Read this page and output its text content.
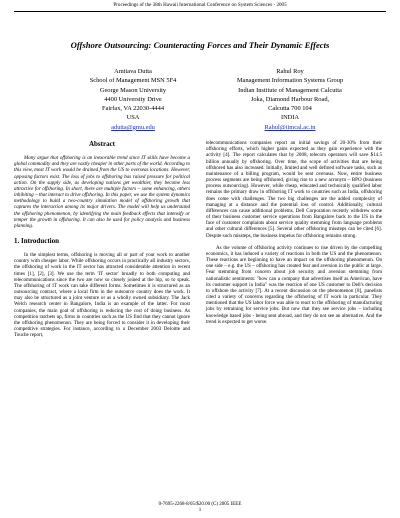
Proceedings of the 38th Hawaii International Conference on System Sciences - 2005
Offshore Outsourcing: Counteracting Forces and Their Dynamic Effects
Amitava Dutta
School of Management MSN 5F4
George Mason University
4400 University Drive
Fairfax, VA 22030-4444
USA
adutta@gmu.edu
Rahul Roy
Management Information Systems Group
Indian Institute of Management Calcutta
Joka, Diamond Harbour Road,
Calcutta 700 104
INDIA
Rahul@iimcal.ac.in
Abstract

Many argue that offshoring is an inexorable trend since IT skills have become a global commodity and they are vastly cheaper in other parts of the world. According to this view, most IT work would be drained from the US to overseas locations. However, opposing factors exist. The loss of jobs to offshoring has raised pressure for political action. On the supply side, as developing nations get wealthier, they become less attractive for offshoring. In short, there are multiple factors – some enhancing, others inhibiting – that interact to drive offshoring. In this paper, we use the system dynamics methodology to build a two-country simulation model of offshoring growth that captures the interaction among its major drivers. The model will help us understand the offshoring phenomenon, by identifying the main feedback effects that intensify or temper the growth in offshoring. It can also be used for policy analysis and business planning.

1. Introduction

In the simplest terms, offshoring is moving all or part of your work to another country with cheaper labor. While offshoring occurs in practically all industry sectors, the offshoring of work in the IT sector has attracted considerable attention in recent times [1], [2], [3]. We use the term 'IT sector' broadly to both computing and telecommunications since the two are now so closely joined at the hip, so to speak. The offshoring of IT work can take different forms. Sometimes it is structured as an outsourcing contract, where a local firm in the outsource country does the work. It may also be structured as a joint venture or as a wholly owned subsidiary. The Jack Welch research center in Bangalore, India is an example of the latter. For most companies, the main goal of offshoring is reducing the cost of doing business. As competition ratchets up, firms in countries such as the US find that they cannot ignore the offshoring phenomenon. They are being forced to consider it in developing their competitive strategies. For instance, according to a December 2003 Deloitte and Touche report,

telecommunications companies report an initial savings of 20-30% from their offshoring efforts, which higher gains expected as they gain experience with the activity [4]. The report calculates that by 2008, telecom operators will save $14.5 billion annually by offshoring. Over time, the scope of activities that are being offshored has also increased. Initially, limited and well defined software tasks, such as maintenance of a billing program, would be sent overseas. Now, entire business process segments are being offshored, giving rise to a new acronym – BPO (business process outsourcing). However, while cheap, educated and technically qualified labor remains the primary draw in offshoring IT work to countries such as India, offshoring does come with challenges. The two big challenges are the added complexity of managing at a distance and the potential loss of control. Additionally, cultural differences can cause additional problems. Dell Corporation recently withdrew some of their business customer service operations from Bangalore back to the US in the face of customer complaints about service quality stemming from language problems and other cultural differences [5]. Several other offshoring missteps can be cited [6]. Despite such missteps, the business impetus for offshoring remains strong.

As the volume of offshoring activity continues to rise driven by the compelling economics, it has induced a variety of reactions in both the US and the phenomenon. These reactions are beginning to have an impact on the offshoring phenomenon. On one side – e.g. the US – offshoring has created fear and aversion in the public at large. Fear stemming from concern about job security and aversion stemming from nationalistic sentiments: "how can a company that advertises itself as American, have its customer support in India" was the reaction of one US customer to Dell's decision to offshore the activity [7]. At a recent discussion on the phenomenon [8], panelists cited a variety of concerns regarding the offshoring of IT work in particular. They mentioned that the US labor force was able to react to the offshoring of manufacturing jobs by retraining for service jobs. But now that they see service jobs – including knowledge based jobs - being sent abroad, and they do not see an alternative. And the trend is expected to get worse.

0-7695-2268-8/05/$20.00 (C) 2005 IEEE
1
